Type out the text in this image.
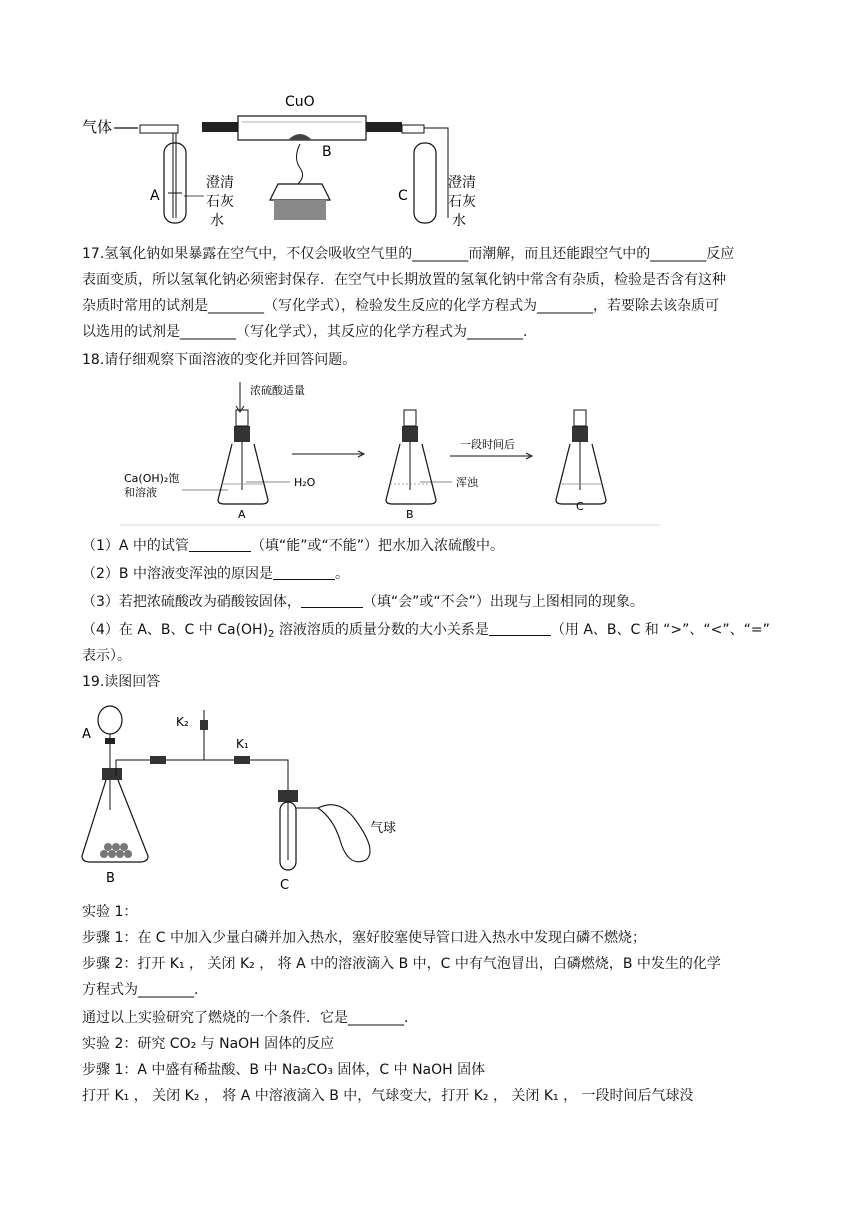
气体
A
澄清
石灰
水
CuO
B
C
澄清
石灰
水
17.氢氧化钠如果暴露在空气中，不仅会吸收空气里的________而潮解，而且还能跟空气中的________反应
表面变质，所以氢氧化钠必须密封保存．在空气中长期放置的氢氧化钠中常含有杂质，检验是否含有这种
杂质时常用的试剂是________（写化学式），检验发生反应的化学方程式为________，若要除去该杂质可
以选用的试剂是________（写化学式），其反应的化学方程式为________.
18.请仔细观察下面溶液的变化并回答问题。
浓硫酸适量
Ca(OH)₂饱
和溶液
H₂O
A
浑浊
B
一段时间后
C
（1）A 中的试管	（填“能”或“不能”）把水加入浓硫酸中。
（2）B 中溶液变浑浊的原因是	。
（3）若把浓硫酸改为硝酸铵固体，	（填“会”或“不会”）出现与上图相同的现象。
（4）在 A、B、C 中 $Ca(OH)_2$ 溶液溶质的质量分数的大小关系是	（用 A、B、C 和 “>”、“<”、“=”
表示）。
19.读图回答
A
B
K₂
K₁
气球
C
实验 1：
步骤 1：在 C 中加入少量白磷并加入热水，塞好胶塞使导管口进入热水中发现白磷不燃烧；
步骤 2：打开 K₁ ， 关闭 K₂ ， 将 A 中的溶液滴入 B 中，C 中有气泡冒出，白磷燃烧，B 中发生的化学
方程式为________.
通过以上实验研究了燃烧的一个条件．它是________.
实验 2：研究 CO₂ 与 NaOH 固体的反应
步骤 1：A 中盛有稀盐酸、B 中 Na₂CO₃ 固体，C 中 NaOH 固体
打开 K₁ ， 关闭 K₂ ， 将 A 中溶液滴入 B 中，气球变大，打开 K₂ ， 关闭 K₁ ， 一段时间后气球没
